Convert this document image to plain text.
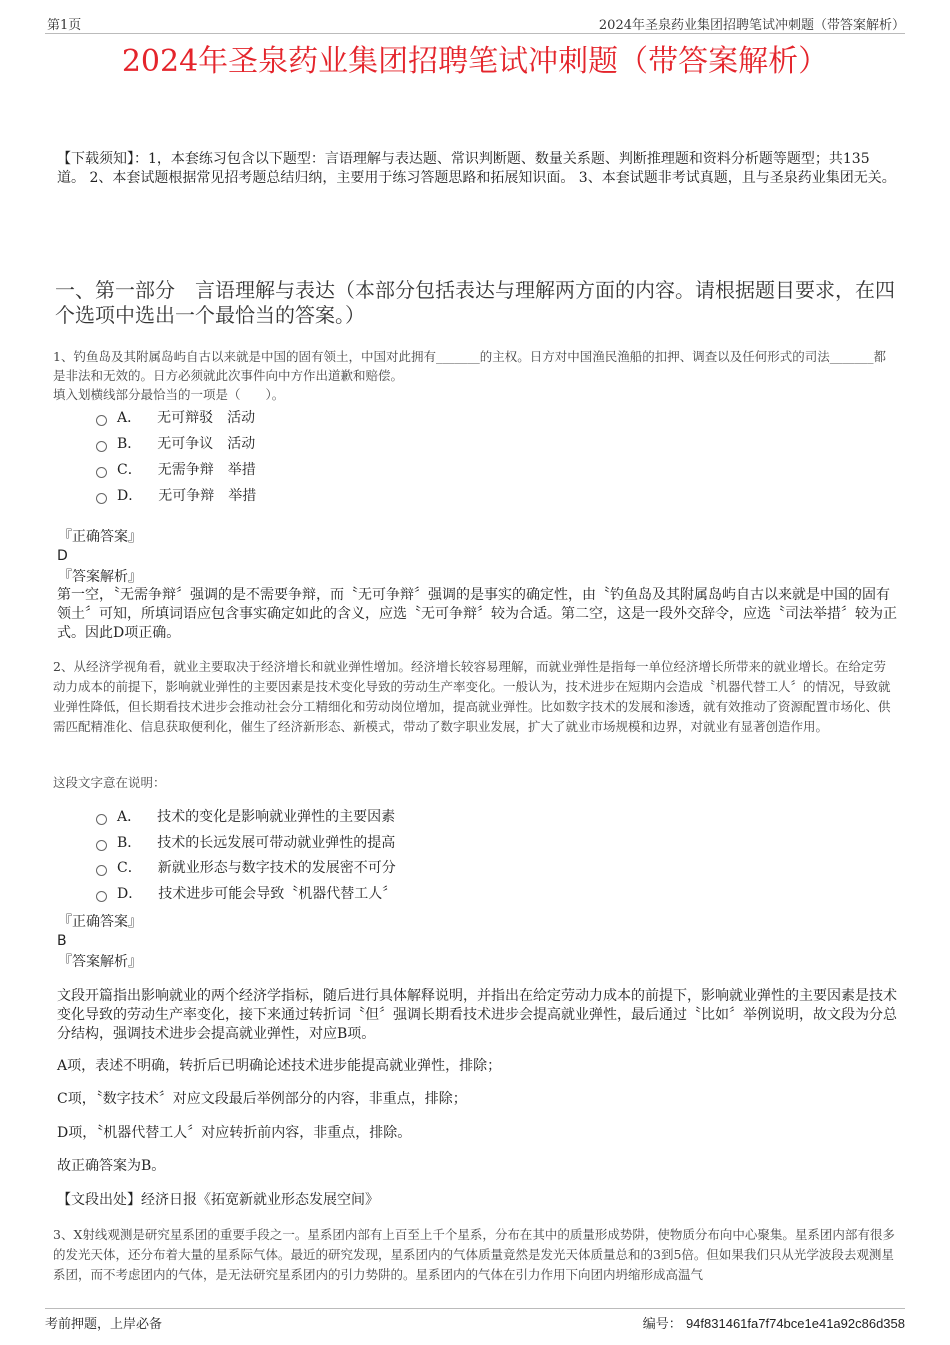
第1页	2024年圣泉药业集团招聘笔试冲刺题（带答案解析）
2024年圣泉药业集团招聘笔试冲刺题（带答案解析）
【下载须知】：1，本套练习包含以下题型：言语理解与表达题、常识判断题、数量关系题、判断推理题和资料分析题等题型；共135道。 2、本套试题根据常见招考题总结归纳，主要用于练习答题思路和拓展知识面。 3、本套试题非考试真题，且与圣泉药业集团无关。
一、第一部分　言语理解与表达（本部分包括表达与理解两方面的内容。请根据题目要求，在四个选项中选出一个最恰当的答案。）
1、钓鱼岛及其附属岛屿自古以来就是中国的固有领土，中国对此拥有_______的主权。日方对中国渔民渔船的扣押、调查以及任何形式的司法_______都是非法和无效的。日方必须就此次事件向中方作出道歉和赔偿。
填入划横线部分最恰当的一项是（　　）。
A． 无可辩驳　活动
B． 无可争议　活动
C． 无需争辩　举措
D． 无可争辩　举措
『正确答案』
D
『答案解析』
第一空，〝无需争辩〞强调的是不需要争辩，而〝无可争辩〞强调的是事实的确定性，由〝钓鱼岛及其附属岛屿自古以来就是中国的固有领土〞可知，所填词语应包含事实确定如此的含义，应选〝无可争辩〞较为合适。第二空，这是一段外交辞令，应选〝司法举措〞较为正式。因此D项正确。
2、从经济学视角看，就业主要取决于经济增长和就业弹性增加。经济增长较容易理解，而就业弹性是指每一单位经济增长所带来的就业增长。在给定劳动力成本的前提下，影响就业弹性的主要因素是技术变化导致的劳动生产率变化。一般认为，技术进步在短期内会造成〝机器代替工人〞的情况，导致就业弹性降低，但长期看技术进步会推动社会分工精细化和劳动岗位增加，提高就业弹性。比如数字技术的发展和渗透，就有效推动了资源配置市场化、供需匹配精准化、信息获取便利化，催生了经济新形态、新模式，带动了数字职业发展，扩大了就业市场规模和边界，对就业有显著创造作用。
这段文字意在说明：
A． 技术的变化是影响就业弹性的主要因素
B． 技术的长远发展可带动就业弹性的提高
C． 新就业形态与数字技术的发展密不可分
D． 技术进步可能会导致〝机器代替工人〞
『正确答案』
B
『答案解析』
文段开篇指出影响就业的两个经济学指标，随后进行具体解释说明，并指出在给定劳动力成本的前提下，影响就业弹性的主要因素是技术变化导致的劳动生产率变化，接下来通过转折词〝但〞强调长期看技术进步会提高就业弹性，最后通过〝比如〞举例说明，故文段为分总分结构，强调技术进步会提高就业弹性，对应B项。
A项，表述不明确，转折后已明确论述技术进步能提高就业弹性，排除；
C项，〝数字技术〞对应文段最后举例部分的内容，非重点，排除；
D项，〝机器代替工人〞对应转折前内容，非重点，排除。
故正确答案为B。
【文段出处】经济日报《拓宽新就业形态发展空间》
3、X射线观测是研究星系团的重要手段之一。星系团内部有上百至上千个星系，分布在其中的质量形成势阱，使物质分布向中心聚集。星系团内部有很多的发光天体，还分布着大量的星系际气体。最近的研究发现，星系团内的气体质量竟然是发光天体质量总和的3到5倍。但如果我们只从光学波段去观测星系团，而不考虑团内的气体，是无法研究星系团内的引力势阱的。星系团内的气体在引力作用下向团内坍缩形成高温气
考前押题，上岸必备	编号： 94f831461fa7f74bce1e41a92c86d358
